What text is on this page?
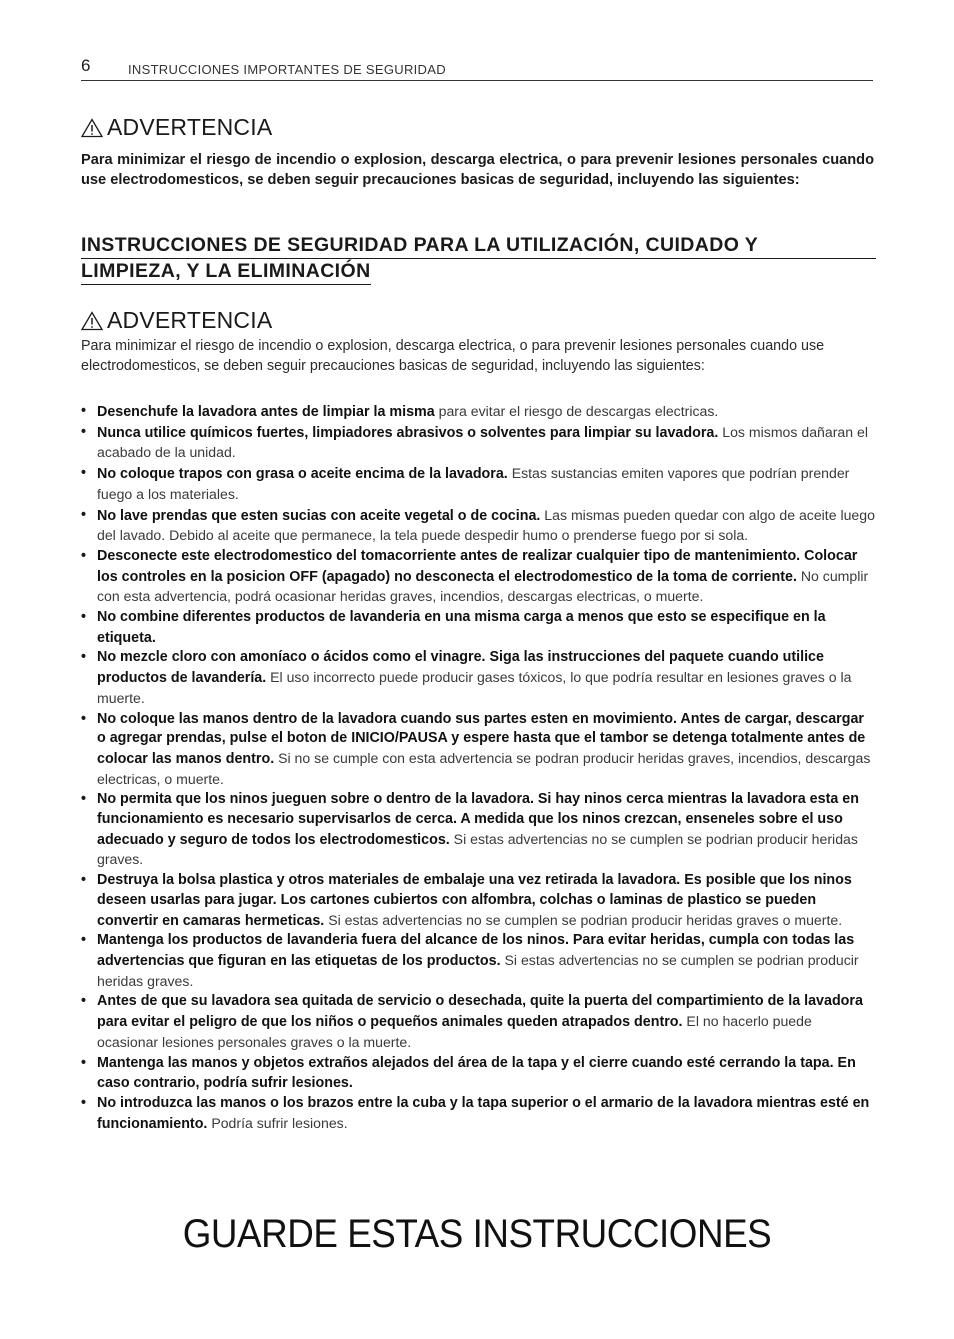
6	INSTRUCCIONES IMPORTANTES DE SEGURIDAD
ADVERTENCIA
Para minimizar el riesgo de incendio o explosion, descarga electrica, o para prevenir lesiones personales cuando use electrodomesticos, se deben seguir precauciones basicas de seguridad, incluyendo las siguientes:
INSTRUCCIONES DE SEGURIDAD PARA LA UTILIZACIÓN, CUIDADO Y
LIMPIEZA, Y LA ELIMINACIÓN
ADVERTENCIA
Para minimizar el riesgo de incendio o explosion, descarga electrica, o para prevenir lesiones personales cuando use electrodomesticos, se deben seguir precauciones basicas de seguridad, incluyendo las siguientes:
• Desenchufe la lavadora antes de limpiar la misma para evitar el riesgo de descargas electricas.
• Nunca utilice químicos fuertes, limpiadores abrasivos o solventes para limpiar su lavadora. Los mismos dañaran el acabado de la unidad.
• No coloque trapos con grasa o aceite encima de la lavadora. Estas sustancias emiten vapores que podrían prender fuego a los materiales.
• No lave prendas que esten sucias con aceite vegetal o de cocina. Las mismas pueden quedar con algo de aceite luego del lavado. Debido al aceite que permanece, la tela puede despedir humo o prenderse fuego por si sola.
• Desconecte este electrodomestico del tomacorriente antes de realizar cualquier tipo de mantenimiento. Colocar los controles en la posicion OFF (apagado) no desconecta el electrodomestico de la toma de corriente. No cumplir con esta advertencia, podrá ocasionar heridas graves, incendios, descargas electricas, o muerte.
• No combine diferentes productos de lavanderia en una misma carga a menos que esto se especifique en la etiqueta.
• No mezcle cloro con amoníaco o ácidos como el vinagre. Siga las instrucciones del paquete cuando utilice productos de lavandería. El uso incorrecto puede producir gases tóxicos, lo que podría resultar en lesiones graves o la muerte.
• No coloque las manos dentro de la lavadora cuando sus partes esten en movimiento. Antes de cargar, descargar o agregar prendas, pulse el boton de INICIO/PAUSA y espere hasta que el tambor se detenga totalmente antes de colocar las manos dentro. Si no se cumple con esta advertencia se podran producir heridas graves, incendios, descargas electricas, o muerte.
• No permita que los ninos jueguen sobre o dentro de la lavadora. Si hay ninos cerca mientras la lavadora esta en funcionamiento es necesario supervisarlos de cerca. A medida que los ninos crezcan, enseneles sobre el uso adecuado y seguro de todos los electrodomesticos. Si estas advertencias no se cumplen se podrian producir heridas graves.
• Destruya la bolsa plastica y otros materiales de embalaje una vez retirada la lavadora. Es posible que los ninos deseen usarlas para jugar. Los cartones cubiertos con alfombra, colchas o laminas de plastico se pueden convertir en camaras hermeticas. Si estas advertencias no se cumplen se podrian producir heridas graves o muerte.
• Mantenga los productos de lavanderia fuera del alcance de los ninos. Para evitar heridas, cumpla con todas las advertencias que figuran en las etiquetas de los productos. Si estas advertencias no se cumplen se podrian producir heridas graves.
• Antes de que su lavadora sea quitada de servicio o desechada, quite la puerta del compartimiento de la lavadora para evitar el peligro de que los niños o pequeños animales queden atrapados dentro. El no hacerlo puede ocasionar lesiones personales graves o la muerte.
• Mantenga las manos y objetos extraños alejados del área de la tapa y el cierre cuando esté cerrando la tapa. En caso contrario, podría sufrir lesiones.
• No introduzca las manos o los brazos entre la cuba y la tapa superior o el armario de la lavadora mientras esté en funcionamiento. Podría sufrir lesiones.
GUARDE ESTAS INSTRUCCIONES
